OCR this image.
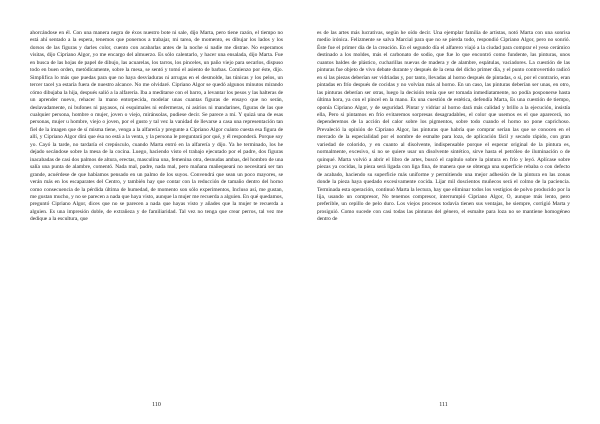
ahorcándose en él. Con una manera negra de éxos nuestro bote ni sale, dijo Marta, pero tiene razón, el tiempo no está ahí sentado a la espera, tenemos que ponernos a trabajar, mi tarea, de momento, es dibujar los lados y los dorsos de las figuras y darles color, cuento con acabarlas antes de la noche si nadie me distrae. No esperamos visitas, dijo Cipriano Algor, yo me encargo del almuerzo. Es sólo calentarlo, y hacer una ensalada, dijo Marta. Fue en busca de las hojas de papel de dibujo, las acuarelas, los tarros, los pinceles, un paño viejo para secarlos, dispuso todo en buen orden, metódicamente, sobre la mesa, se sentó y tomó el asiento de barbas. Comienzo por éste, dijo. Simplifica lo más que puedas para que no haya desvíaduras ni arrugas en el desmolde, las túnicas y los pelos, un tercer tacel ya estaría fuera de nuestro alcance. No me olvidaré. Cipriano Algor se quedó algunos minutos mirando cómo dibujaba la hija, después salió a la alfarería. Iba a meditarse con el barro, a levantar los pesos y las halteras de un aprender nuevo, rehacer la mano entorpecida, modelar unas cuantas figuras de ensayo que no serán, deslavadamente, ni bufones ni payasos, ni esquimales ni enfermeras, ni asirios ni mandarines, figuras de las que cualquier persona, hombre o mujer, joven o viejo, miránsolas, pudiese decir. Se parece a mí. Y quizá una de esas personas, mujer u hombre, viejo o joven, por el gusto y tal vez la vanidad de llevarse a casa una representación tan fiel de la imagen que de sí misma tiene, venga a la alfarería y pregunte a Cipriano Algor cuánto cuesta esa figura de allí, y Cipriano Algor dirá que ésa no está a la venta, y la persona le preguntará por qué, y él responderá. Porque soy yo. Cayó la tarde, no tardaría el crepúsculo, cuando Marta entró en la alfarería y dijo. Ya he terminado, los he dejado secándose sobre la mesa de la cocina. Luego, haciendo visto el trabajo ejecutado por el padre, dos figuras inacabadas de casi dos palmos de altura, erectas, masculina una, femenina otra, desnudas ambas, del hombro de una salía una punta de alambre, comentó. Nada mal, padre, nada mal, pero mañana mañequeará no necesitará ser tan grande, acuérdese de que habíamos pensado en un palmo de los suyos. Convendrá que sean un poco mayores, se verán más en los escaparates del Centro, y también hay que contar con la reducción de tamaño dentro del horno como consecuencia de la pérdida última de humedad, de momento son sólo experimentos, Incluso así, me gustan, me gustan mucho, y no se parecen a nada que haya visto, aunque la mujer me recuerda a alguien. En qué quedamos, preguntó Cipriano Algor, dices que no se parecen a nada que hayas visto y añades que la mujer te recuerda a alguien. Es una impresión doble, de extrañeza y de familiaridad. Tal vez no tenga que crear perros, tal vez me dedique a la escultura, que

110

es de las artes más lucrativas, según he oído decir. Una ejemplar familia de artistas, notó Marta con una sonrisa medio irónica. Felizmente se salva Marcial para que no se pierda todo, respondió Cipriano Algor, pero no sonrió. Éste fue el primer día de la creación. En el segundo día el alfarero viajó a la ciudad para comprar el yeso cerámico destinado a los moldes, más el carbonato de sodio, que fue lo que encontró como fundente, las pinturas, unos cuantos baldes de plástico, cucharillas nuevas de madera y de alambre, espátulas, vaciadores. La cuestión de las pinturas fue objeto de vivo debate durante y después de la cena del dicho primer día, y el punto controvertido radicó en si las piezas deberían ser vidriadas y, por tanto, llevadas al horno después de pintadas, o si, por el contrario, eran pintadas en frío después de cocidas y no volvían más al horno. En un caso, las pinturas deberían ser unas, en otro, las pinturas deberían ser otras, luego la decisión tenía que ser tomada inmediatamente, no podía posponerse hasta última hora, ya con el pincel en la mano. Es una cuestión de estética, defendía Marta, Es una cuestión de tiempo, oponía Cipriano Algor, y de seguridad. Pintar y vidriar al horno dará más calidad y brillo a la ejecución, insistía ella, Pero si pintamos en frío evitaremos sorpresas desagradables, el color que usemos es el que aparecerá, no dependeremos de la acción del calor sobre los pigmentos, sobre todo cuando el horno no pone caprichoso. Prevaleció la opinión de Cipriano Algor, las pinturas que habría que comprar serían las que se conocen en el mercado de la especialidad por el nombre de esmalte para loza, de aplicación fácil y secado rápido, con gran variedad de colorido, y en cuanto al disolvente, indispensable porque el esperar original de la pintura es, normalmente, excesivo, si no se quiere usar un disolvente sintético, sirve hasta el petróleo de iluminación o de quinqué. Marta volvió a abrir el libro de artes, buscó el capítulo sobre la pintura en frío y leyó. Aplícase sobre piezas ya cocidas, la pieza será ligada con liga fina, de manera que se obtenga una superficie rebaba o con defecto de acabado, haciendo su superficie más uniforme y permitiendo una mejor adhesión de la pintura en las zonas donde la pieza haya quedado excesivamente cocida. Lijar mil doscientos muñecos será el colmo de la paciencia. Terminada esta operación, continuó Marta la lectura, hay que eliminar todos los vestigios de polvo producido por la lija, usando un compresor, No tenemos compresor, interrumpió Cipriano Algor, O, aunque más lento, pero preferible, un cepillo de pelo duro. Los viejos procesos todavía tienen sus ventajas, he siempre, corrigió Marta y prosiguió. Como sucede con casi todas las pinturas del género, el esmalte para loza no se mantiene homogéneo dentro de

111
